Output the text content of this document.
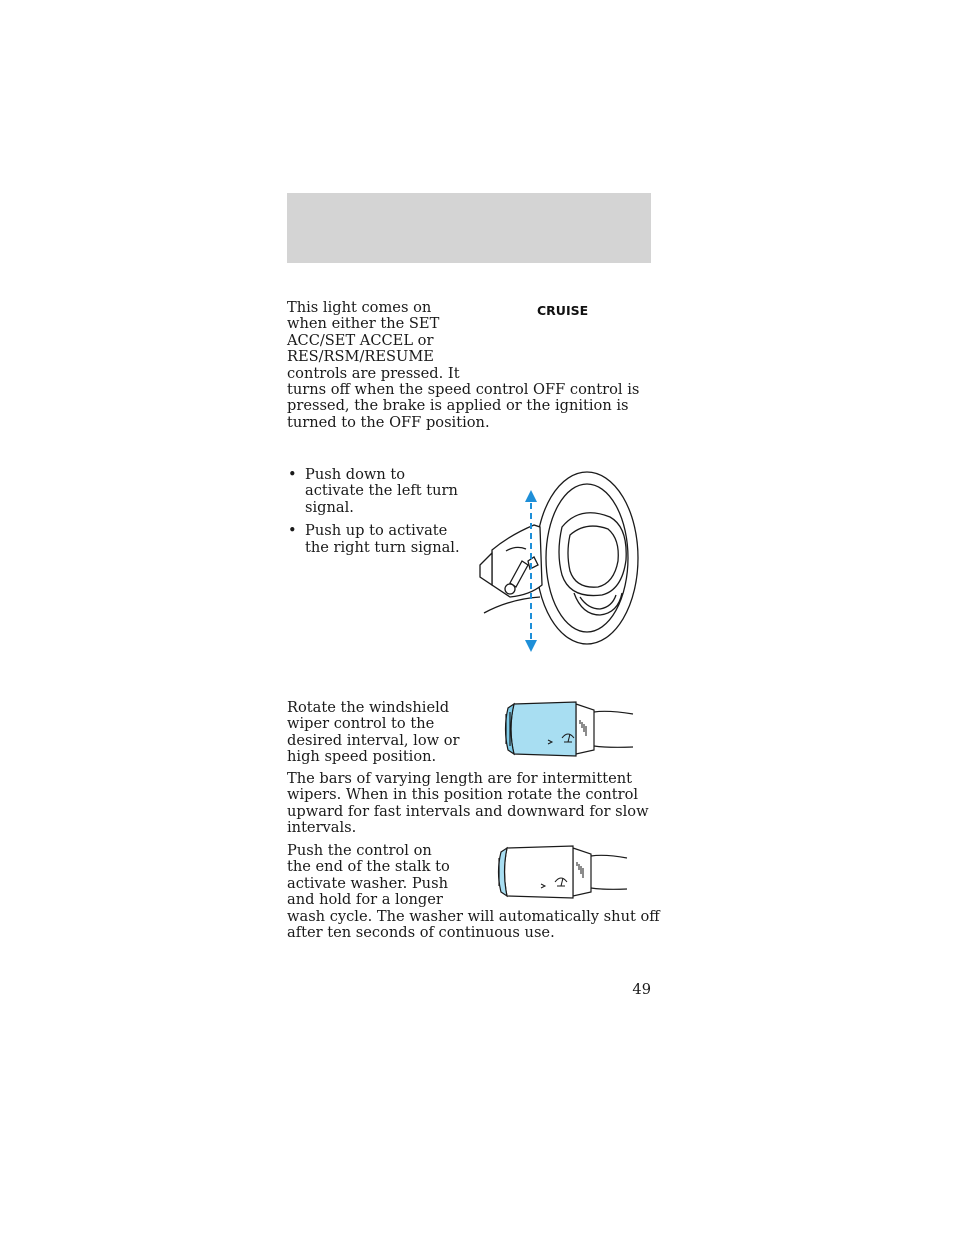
This light comes on

when either the SET

ACC/SET ACCEL or

RES/RSM/RESUME

controls are pressed. It

turns off when the speed control OFF control is

pressed, the brake is applied or the ignition is

turned to the OFF position.

CRUISE
• Push down to
activate the left turn
signal.
• Push up to activate
the right turn signal.

Rotate the windshield

wiper control to the

desired interval, low or

high speed position.

The bars of varying length are for intermittent

wipers. When in this position rotate the control

upward for fast intervals and downward for slow

intervals.

Push the control on

the end of the stalk to

activate washer. Push

and hold for a longer

wash cycle. The washer will automatically shut off

after ten seconds of continuous use.

49
